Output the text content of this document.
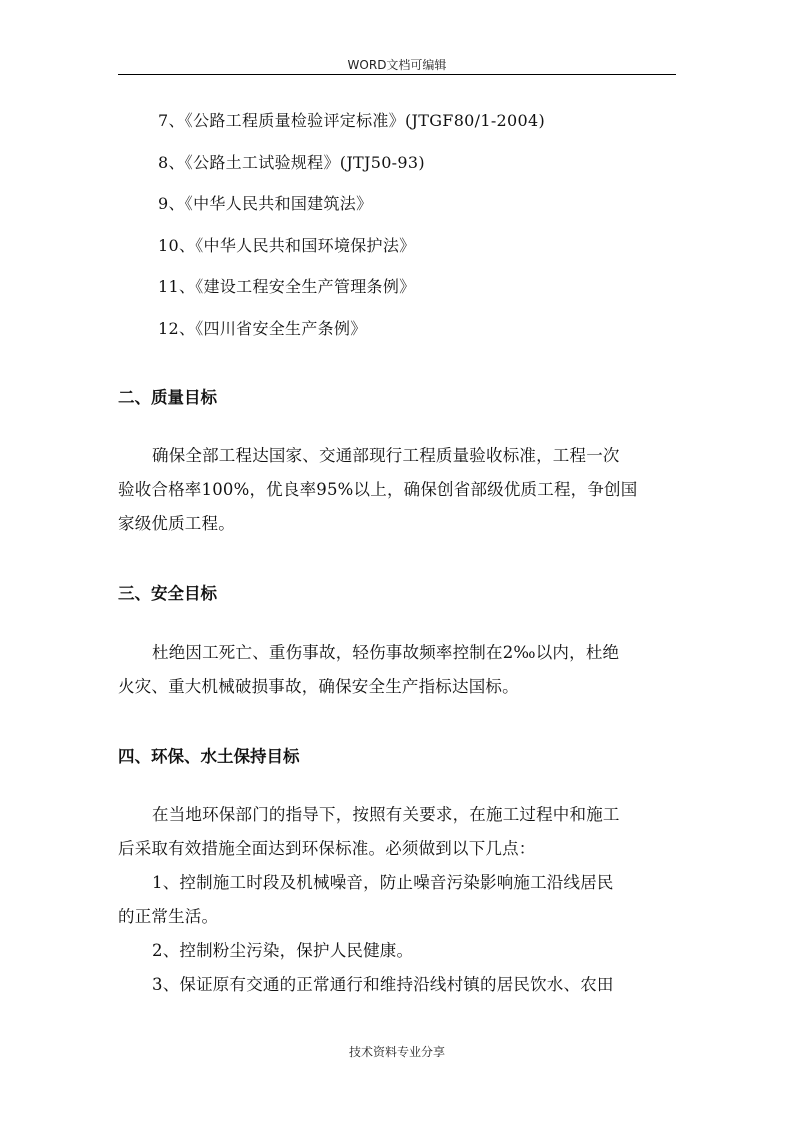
WORD文档可编辑
7、《公路工程质量检验评定标准》(JTGF80/1-2004)
8、《公路土工试验规程》(JTJ50-93)
9、《中华人民共和国建筑法》
10、《中华人民共和国环境保护法》
11、《建设工程安全生产管理条例》
12、《四川省安全生产条例》
二、质量目标
确保全部工程达国家、交通部现行工程质量验收标准，工程一次
验收合格率100%，优良率95%以上，确保创省部级优质工程，争创国
家级优质工程。
三、安全目标
杜绝因工死亡、重伤事故，轻伤事故频率控制在2‰以内，杜绝
火灾、重大机械破损事故，确保安全生产指标达国标。
四、环保、水土保持目标
在当地环保部门的指导下，按照有关要求，在施工过程中和施工
后采取有效措施全面达到环保标准。必须做到以下几点：
1、控制施工时段及机械噪音，防止噪音污染影响施工沿线居民
的正常生活。
2、控制粉尘污染，保护人民健康。
3、保证原有交通的正常通行和维持沿线村镇的居民饮水、农田
技术资料专业分享
